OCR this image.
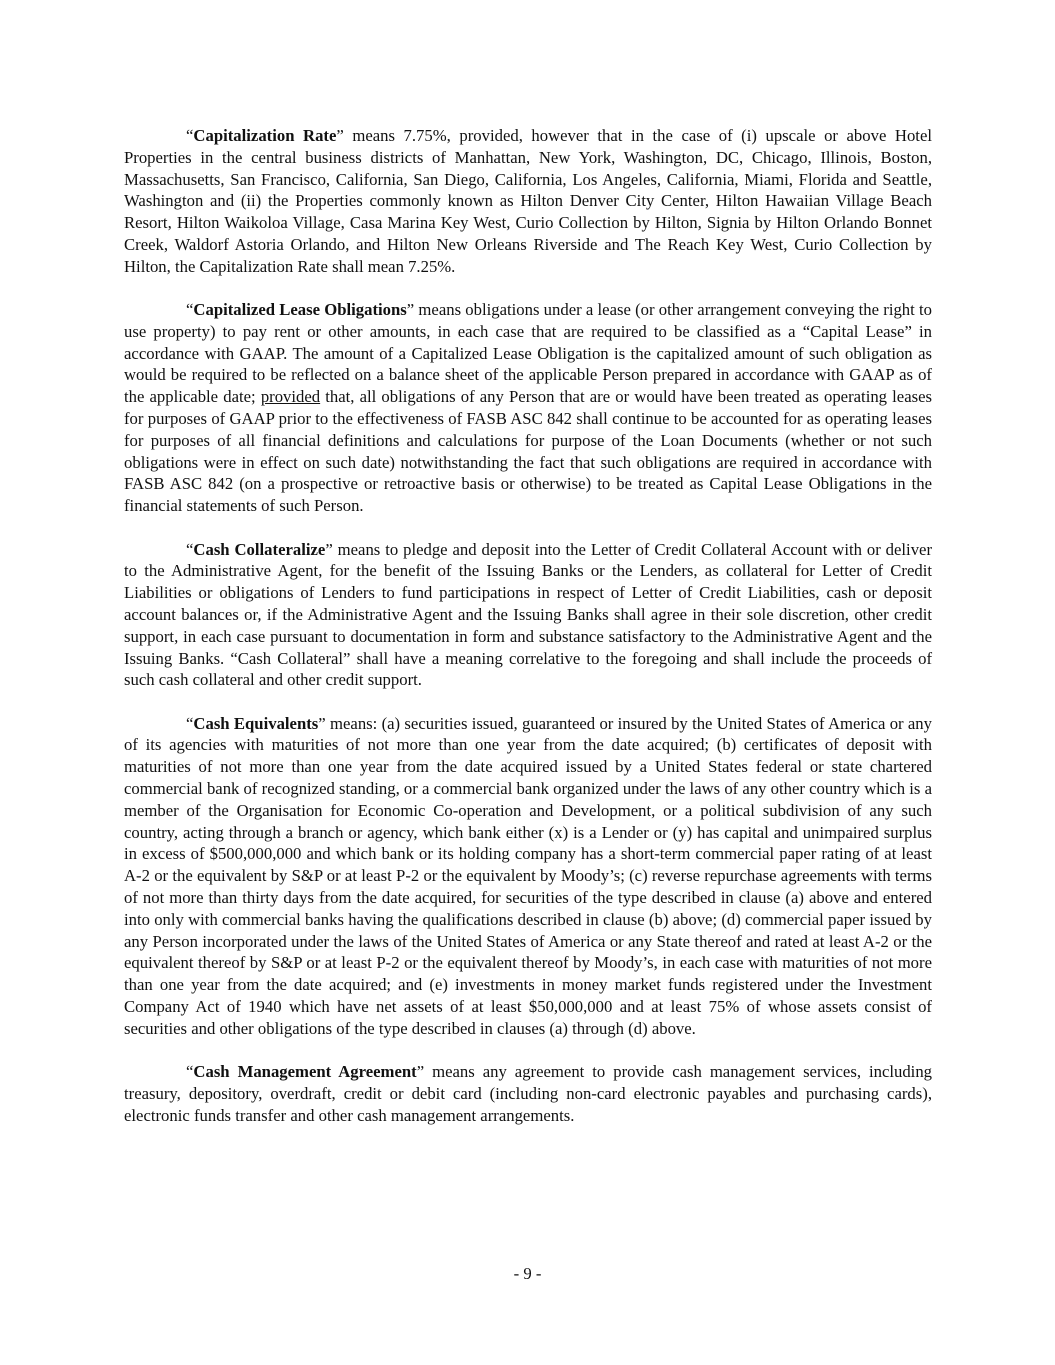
“Capitalization Rate” means 7.75%, provided, however that in the case of (i) upscale or above Hotel Properties in the central business districts of Manhattan, New York, Washington, DC, Chicago, Illinois, Boston, Massachusetts, San Francisco, California, San Diego, California, Los Angeles, California, Miami, Florida and Seattle, Washington and (ii) the Properties commonly known as Hilton Denver City Center, Hilton Hawaiian Village Beach Resort, Hilton Waikoloa Village, Casa Marina Key West, Curio Collection by Hilton, Signia by Hilton Orlando Bonnet Creek, Waldorf Astoria Orlando, and Hilton New Orleans Riverside and The Reach Key West, Curio Collection by Hilton, the Capitalization Rate shall mean 7.25%.

“Capitalized Lease Obligations” means obligations under a lease (or other arrangement conveying the right to use property) to pay rent or other amounts, in each case that are required to be classified as a “Capital Lease” in accordance with GAAP. The amount of a Capitalized Lease Obligation is the capitalized amount of such obligation as would be required to be reflected on a balance sheet of the applicable Person prepared in accordance with GAAP as of the applicable date; provided that, all obligations of any Person that are or would have been treated as operating leases for purposes of GAAP prior to the effectiveness of FASB ASC 842 shall continue to be accounted for as operating leases for purposes of all financial definitions and calculations for purpose of the Loan Documents (whether or not such obligations were in effect on such date) notwithstanding the fact that such obligations are required in accordance with FASB ASC 842 (on a prospective or retroactive basis or otherwise) to be treated as Capital Lease Obligations in the financial statements of such Person.

“Cash Collateralize” means to pledge and deposit into the Letter of Credit Collateral Account with or deliver to the Administrative Agent, for the benefit of the Issuing Banks or the Lenders, as collateral for Letter of Credit Liabilities or obligations of Lenders to fund participations in respect of Letter of Credit Liabilities, cash or deposit account balances or, if the Administrative Agent and the Issuing Banks shall agree in their sole discretion, other credit support, in each case pursuant to documentation in form and substance satisfactory to the Administrative Agent and the Issuing Banks. “Cash Collateral” shall have a meaning correlative to the foregoing and shall include the proceeds of such cash collateral and other credit support.

“Cash Equivalents” means: (a) securities issued, guaranteed or insured by the United States of America or any of its agencies with maturities of not more than one year from the date acquired; (b) certificates of deposit with maturities of not more than one year from the date acquired issued by a United States federal or state chartered commercial bank of recognized standing, or a commercial bank organized under the laws of any other country which is a member of the Organisation for Economic Co-operation and Development, or a political subdivision of any such country, acting through a branch or agency, which bank either (x) is a Lender or (y) has capital and unimpaired surplus in excess of $500,000,000 and which bank or its holding company has a short-term commercial paper rating of at least A-2 or the equivalent by S&P or at least P-2 or the equivalent by Moody’s; (c) reverse repurchase agreements with terms of not more than thirty days from the date acquired, for securities of the type described in clause (a) above and entered into only with commercial banks having the qualifications described in clause (b) above; (d) commercial paper issued by any Person incorporated under the laws of the United States of America or any State thereof and rated at least A-2 or the equivalent thereof by S&P or at least P-2 or the equivalent thereof by Moody’s, in each case with maturities of not more than one year from the date acquired; and (e) investments in money market funds registered under the Investment Company Act of 1940 which have net assets of at least $50,000,000 and at least 75% of whose assets consist of securities and other obligations of the type described in clauses (a) through (d) above.

“Cash Management Agreement” means any agreement to provide cash management services, including treasury, depository, overdraft, credit or debit card (including non-card electronic payables and purchasing cards), electronic funds transfer and other cash management arrangements.

- 9 -
